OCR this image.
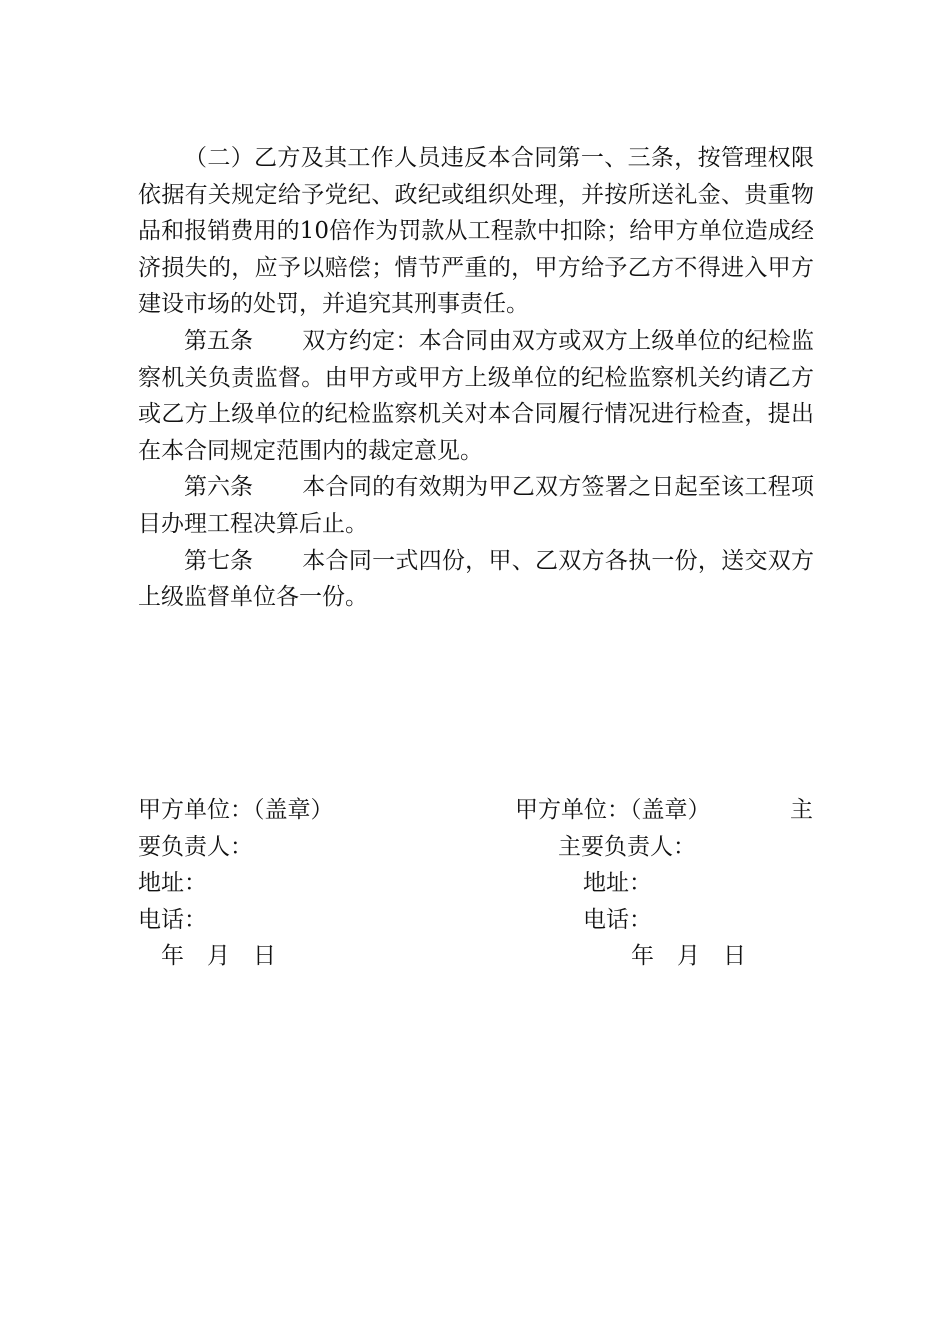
（二）乙方及其工作人员违反本合同第一、三条，按管理权限依据有关规定给予党纪、政纪或组织处理，并按所送礼金、贵重物品和报销费用的10倍作为罚款从工程款中扣除；给甲方单位造成经济损失的，应予以赔偿；情节严重的，甲方给予乙方不得进入甲方建设市场的处罚，并追究其刑事责任。

第五条 双方约定：本合同由双方或双方上级单位的纪检监察机关负责监督。由甲方或甲方上级单位的纪检监察机关约请乙方或乙方上级单位的纪检监察机关对本合同履行情况进行检查，提出在本合同规定范围内的裁定意见。

第六条 本合同的有效期为甲乙双方签署之日起至该工程项目办理工程决算后止。

第七条 本合同一式四份，甲、乙双方各执一份，送交双方上级监督单位各一份。

甲方单位：（盖章）
要负责人：
地址：
电话：
年　月　日
甲方单位：（盖章）	主
主要负责人：
地址：
电话：
年　月　日
